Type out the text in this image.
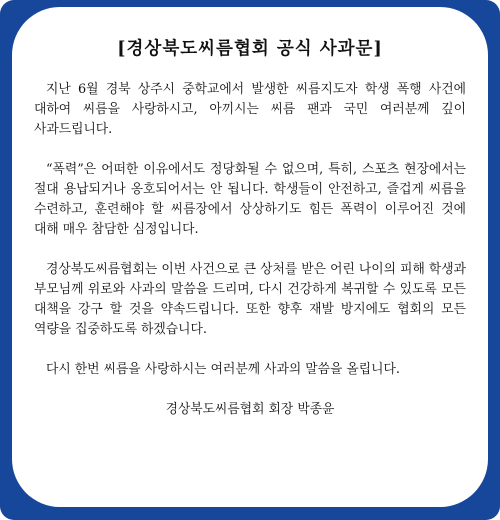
[경상북도씨름협회 공식 사과문]

지난 6월 경북 상주시 중학교에서 발생한 씨름지도자 학생 폭행 사건에 대하여 씨름을 사랑하시고, 아끼시는 씨름 팬과 국민 여러분께 깊이 사과드립니다.

“폭력”은 어떠한 이유에서도 정당화될 수 없으며, 특히, 스포츠 현장에서는 절대 용납되거나 옹호되어서는 안 됩니다. 학생들이 안전하고, 즐겁게 씨름을 수련하고, 훈련해야 할 씨름장에서 상상하기도 힘든 폭력이 이루어진 것에 대해 매우 참담한 심정입니다.

경상북도씨름협회는 이번 사건으로 큰 상처를 받은 어린 나이의 피해 학생과 부모님께 위로와 사과의 말씀을 드리며, 다시 건강하게 복귀할 수 있도록 모든 대책을 강구 할 것을 약속드립니다. 또한 향후 재발 방지에도 협회의 모든 역량을 집중하도록 하겠습니다.

다시 한번 씨름을 사랑하시는 여러분께 사과의 말씀을 올립니다.

경상북도씨름협회 회장 박종윤
